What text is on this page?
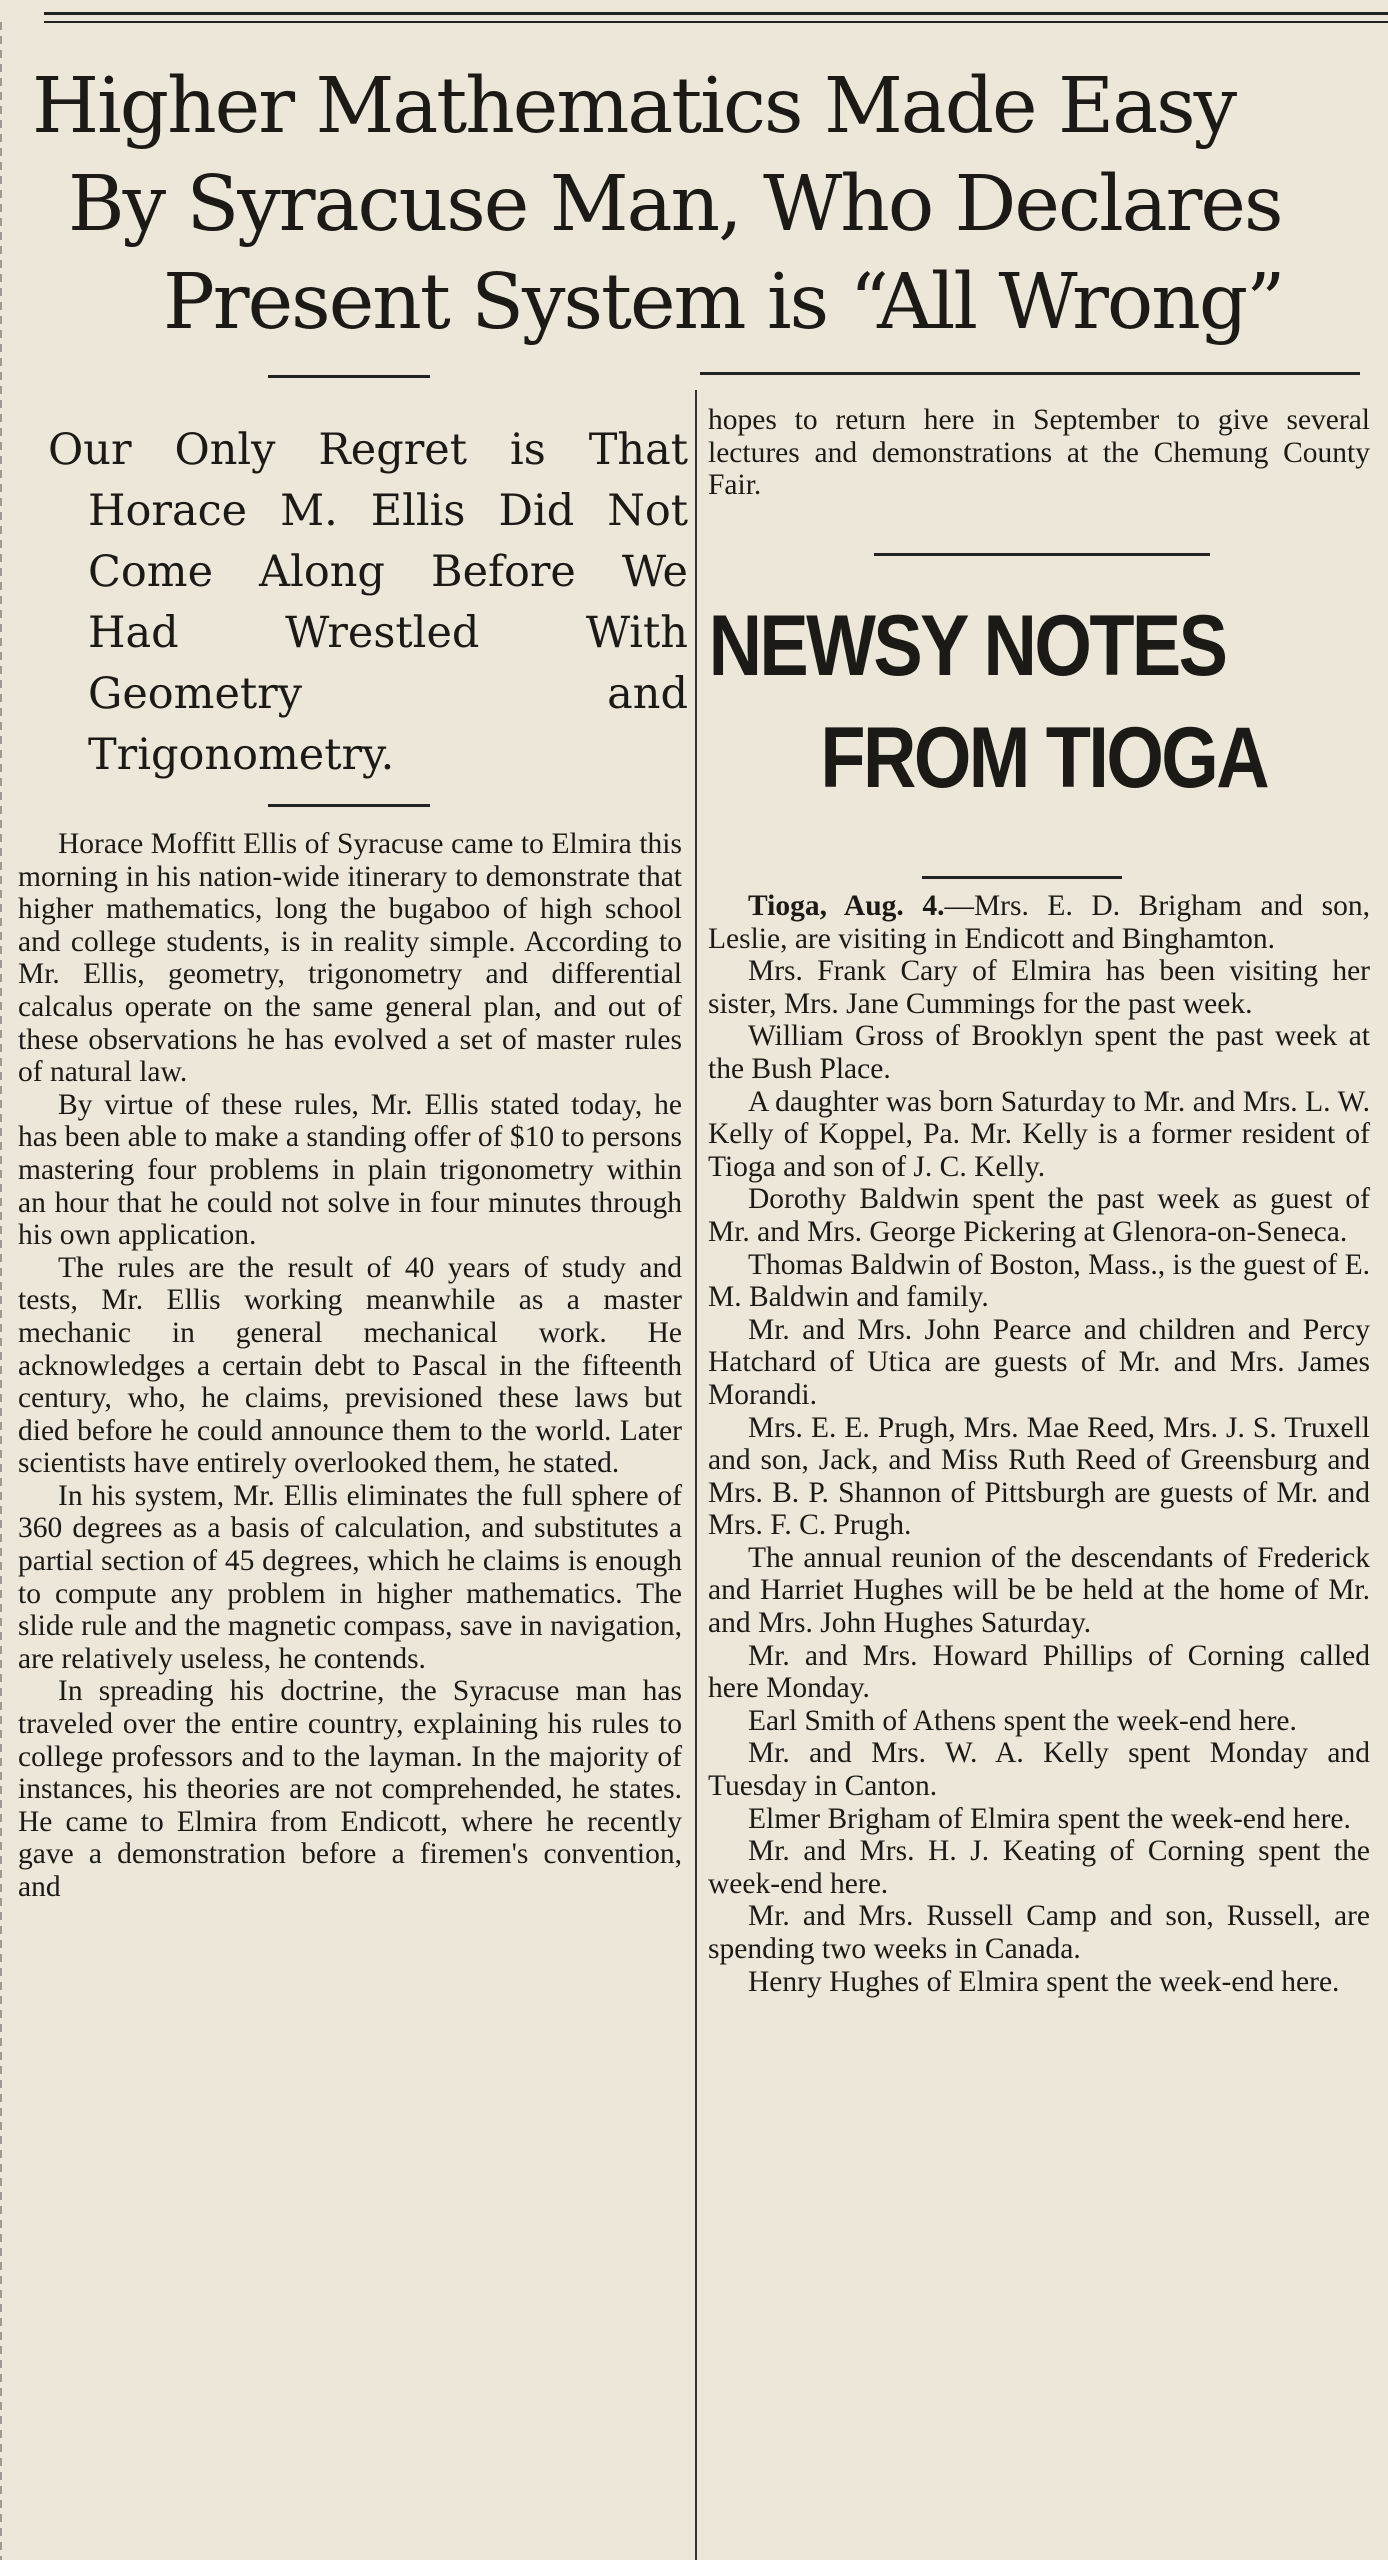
Higher Mathematics Made Easy
By Syracuse Man, Who Declares
Present System is “All Wrong”
Our Only Regret is That Horace M. Ellis Did Not Come Along Before We Had Wrestled With Geometry and Trigonometry.

Horace Moffitt Ellis of Syracuse came to Elmira this morning in his nation-wide itinerary to demonstrate that higher mathematics, long the bugaboo of high school and college students, is in reality simple. According to Mr. Ellis, geometry, trigonometry and differential calcalus operate on the same general plan, and out of these observations he has evolved a set of master rules of natural law.

By virtue of these rules, Mr. Ellis stated today, he has been able to make a standing offer of $10 to persons mastering four problems in plain trigonometry within an hour that he could not solve in four minutes through his own application.

The rules are the result of 40 years of study and tests, Mr. Ellis working meanwhile as a master mechanic in general mechanical work. He acknowledges a certain debt to Pascal in the fifteenth century, who, he claims, previsioned these laws but died before he could announce them to the world. Later scientists have entirely overlooked them, he stated.

In his system, Mr. Ellis eliminates the full sphere of 360 degrees as a basis of calculation, and substitutes a partial section of 45 degrees, which he claims is enough to compute any problem in higher mathematics. The slide rule and the magnetic compass, save in navigation, are relatively useless, he contends.

In spreading his doctrine, the Syracuse man has traveled over the entire country, explaining his rules to college professors and to the layman. In the majority of instances, his theories are not comprehended, he states. He came to Elmira from Endicott, where he recently gave a demonstration before a firemen's convention, and

hopes to return here in September to give several lectures and demonstrations at the Chemung County Fair.

NEWSY NOTES
FROM TIOGA

Tioga, Aug. 4.—Mrs. E. D. Brigham and son, Leslie, are visiting in Endicott and Binghamton.

Mrs. Frank Cary of Elmira has been visiting her sister, Mrs. Jane Cummings for the past week.

William Gross of Brooklyn spent the past week at the Bush Place.

A daughter was born Saturday to Mr. and Mrs. L. W. Kelly of Koppel, Pa. Mr. Kelly is a former resident of Tioga and son of J. C. Kelly.

Dorothy Baldwin spent the past week as guest of Mr. and Mrs. George Pickering at Glenora-on-Seneca.

Thomas Baldwin of Boston, Mass., is the guest of E. M. Baldwin and family.

Mr. and Mrs. John Pearce and children and Percy Hatchard of Utica are guests of Mr. and Mrs. James Morandi.

Mrs. E. E. Prugh, Mrs. Mae Reed, Mrs. J. S. Truxell and son, Jack, and Miss Ruth Reed of Greensburg and Mrs. B. P. Shannon of Pittsburgh are guests of Mr. and Mrs. F. C. Prugh.

The annual reunion of the descendants of Frederick and Harriet Hughes will be be held at the home of Mr. and Mrs. John Hughes Saturday.

Mr. and Mrs. Howard Phillips of Corning called here Monday.

Earl Smith of Athens spent the week-end here.

Mr. and Mrs. W. A. Kelly spent Monday and Tuesday in Canton.

Elmer Brigham of Elmira spent the week-end here.

Mr. and Mrs. H. J. Keating of Corning spent the week-end here.

Mr. and Mrs. Russell Camp and son, Russell, are spending two weeks in Canada.

Henry Hughes of Elmira spent the week-end here.
